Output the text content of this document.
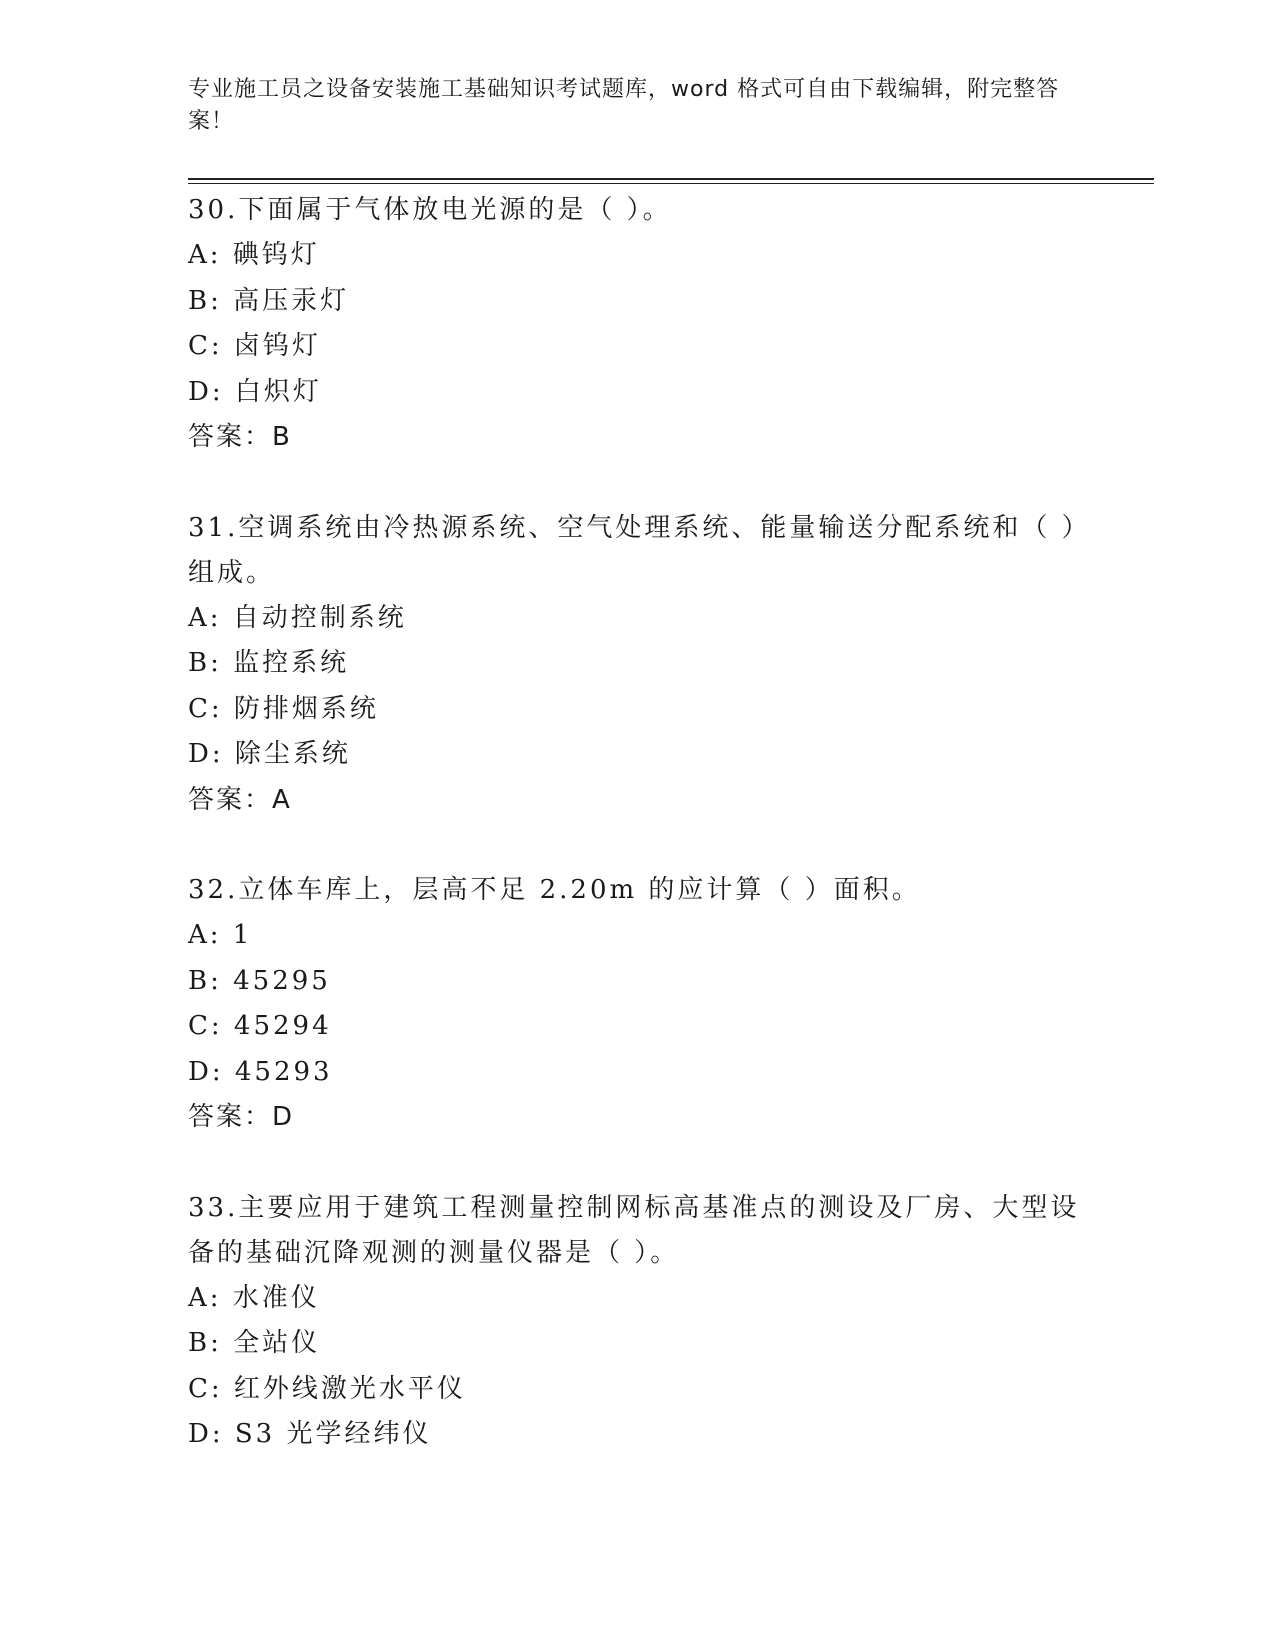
专业施工员之设备安装施工基础知识考试题库，word 格式可自由下载编辑，附完整答案！

30.下面属于气体放电光源的是（ ）。

A: 碘钨灯

B: 高压汞灯

C: 卤钨灯

D: 白炽灯

答案：B

31.空调系统由冷热源系统、空气处理系统、能量输送分配系统和（ ）组成。

A: 自动控制系统

B: 监控系统

C: 防排烟系统

D: 除尘系统

答案：A

32.立体车库上，层高不足 2.20m 的应计算（ ）面积。

A: 1

B: 45295

C: 45294

D: 45293

答案：D

33.主要应用于建筑工程测量控制网标高基准点的测设及厂房、大型设备的基础沉降观测的测量仪器是（ ）。

A: 水准仪

B: 全站仪

C: 红外线激光水平仪

D: S3 光学经纬仪
